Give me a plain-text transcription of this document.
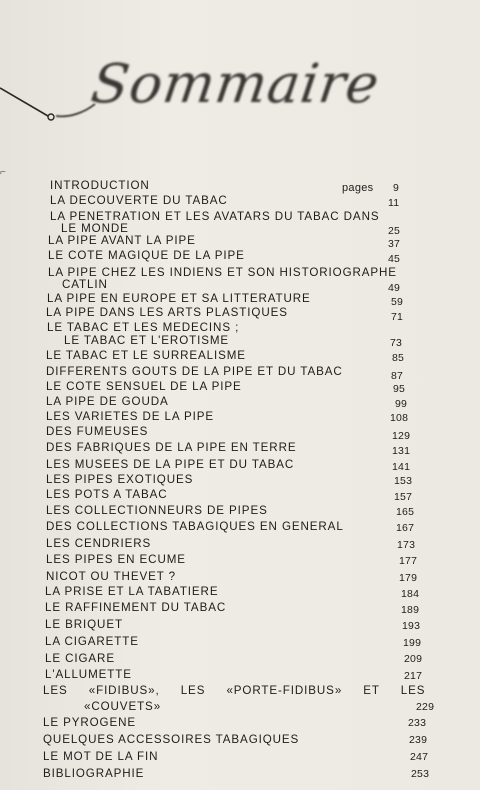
Sommaire
⌐
pages
INTRODUCTION	9
LA DECOUVERTE DU TABAC	11
LA PENETRATION ET LES AVATARS DU TABAC DANS
LE MONDE	25
LA PIPE AVANT LA PIPE	37
LE COTE MAGIQUE DE LA PIPE	45
LA PIPE CHEZ LES INDIENS ET SON HISTORIOGRAPHE
CATLIN	49
LA PIPE EN EUROPE ET SA LITTERATURE	59
LA PIPE DANS LES ARTS PLASTIQUES	71
LE TABAC ET LES MEDECINS ;
LE TABAC ET L'EROTISME	73
LE TABAC ET LE SURREALISME	85
DIFFERENTS GOUTS DE LA PIPE ET DU TABAC	87
LE COTE SENSUEL DE LA PIPE	95
LA PIPE DE GOUDA	99
LES VARIETES DE LA PIPE	108
DES FUMEUSES	129
DES FABRIQUES DE LA PIPE EN TERRE	131
LES MUSEES DE LA PIPE ET DU TABAC	141
LES PIPES EXOTIQUES	153
LES POTS A TABAC	157
LES COLLECTIONNEURS DE PIPES	165
DES COLLECTIONS TABAGIQUES EN GENERAL	167
LES CENDRIERS	173
LES PIPES EN ECUME	177
NICOT OU THEVET ?	179
LA PRISE ET LA TABATIERE	184
LE RAFFINEMENT DU TABAC	189
LE BRIQUET	193
LA CIGARETTE	199
LE CIGARE	209
L'ALLUMETTE	217
LES «FIDIBUS», LES «PORTE-FIDIBUS» ET LES
«COUVETS»	229
LE PYROGENE	233
QUELQUES ACCESSOIRES TABAGIQUES	239
LE MOT DE LA FIN	247
BIBLIOGRAPHIE	253
